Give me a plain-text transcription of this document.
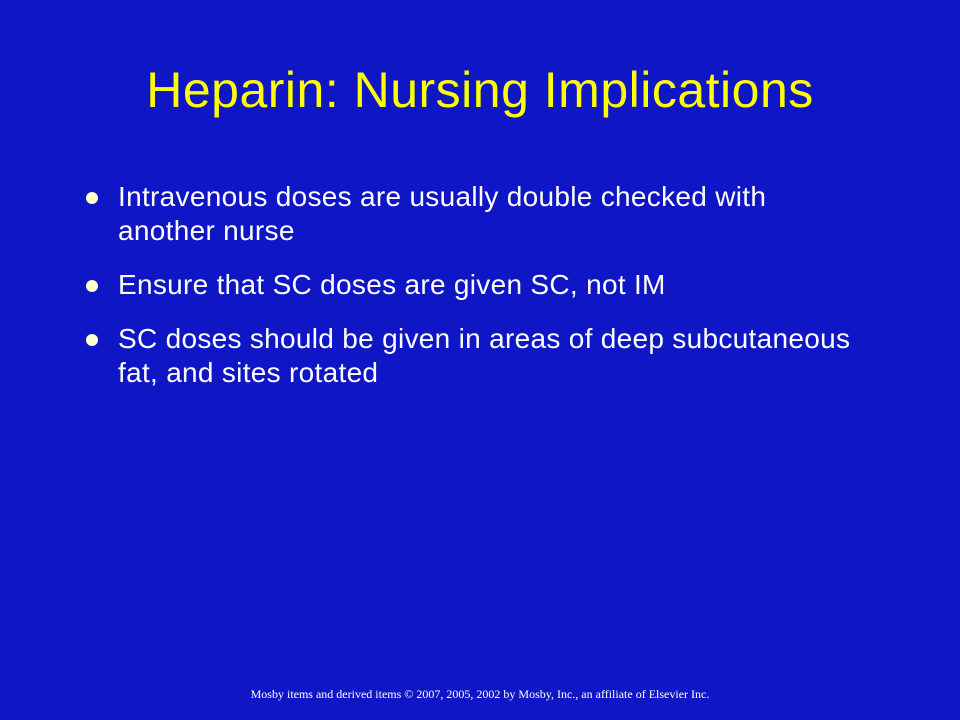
Heparin: Nursing Implications
Intravenous doses are usually double checked with another nurse
Ensure that SC doses are given SC, not IM
SC doses should be given in areas of deep subcutaneous fat, and sites rotated
Mosby items and derived items © 2007, 2005, 2002 by Mosby, Inc., an affiliate of Elsevier Inc.
